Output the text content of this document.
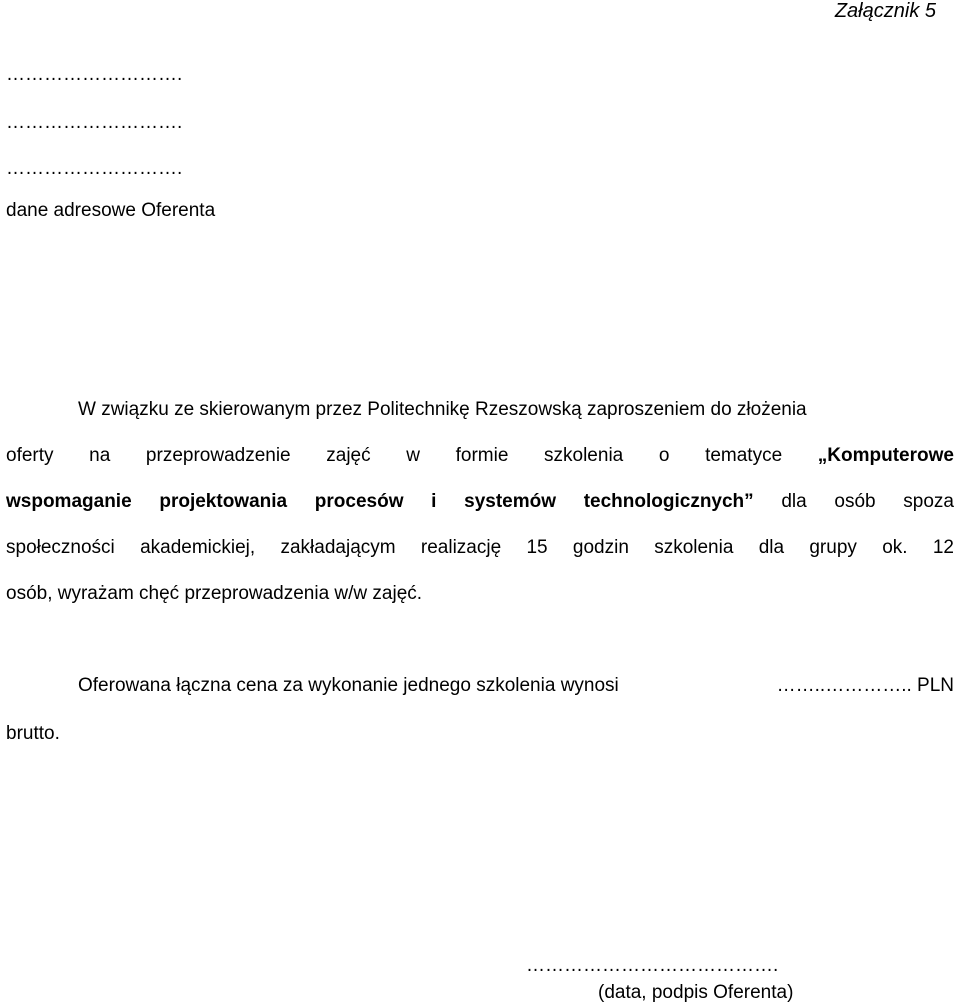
Załącznik 5
……………………….
……………………….
……………………….
dane adresowe Oferenta
W związku ze skierowanym przez Politechnikę Rzeszowską zaproszeniem do złożenia
oferty na przeprowadzenie zajęć w formie szkolenia o tematyce „Komputerowe
wspomaganie projektowania procesów i systemów technologicznych” dla osób spoza
społeczności akademickiej, zakładającym realizację 15 godzin szkolenia dla grupy ok. 12
osób, wyrażam chęć przeprowadzenia w/w zajęć.
Oferowana łączna cena za wykonanie jednego szkolenia wynosi	……..………….. PLN
brutto.
………………………………….
(data, podpis Oferenta)
